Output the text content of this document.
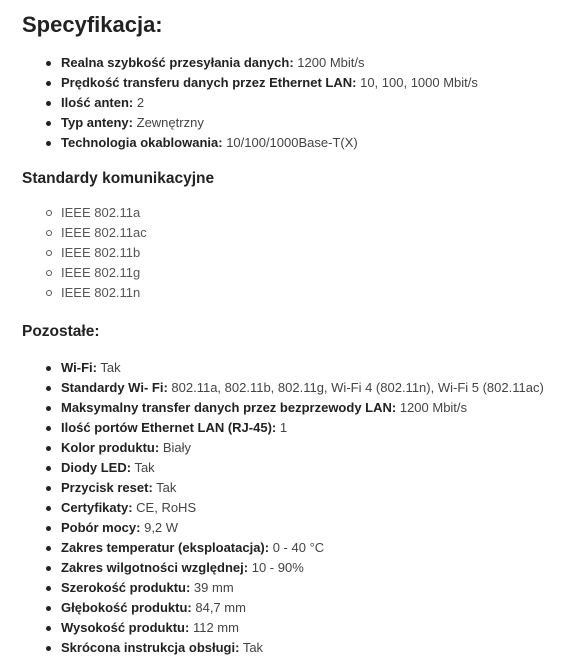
Specyfikacja:
Realna szybkość przesyłania danych: 1200 Mbit/s
Prędkość transferu danych przez Ethernet LAN: 10, 100, 1000 Mbit/s
Ilość anten: 2
Typ anteny: Zewnętrzny
Technologia okablowania: 10/100/1000Base-T(X)
Standardy komunikacyjne
IEEE 802.11a
IEEE 802.11ac
IEEE 802.11b
IEEE 802.11g
IEEE 802.11n
Pozostałe:
Wi-Fi: Tak
Standardy Wi- Fi: 802.11a, 802.11b, 802.11g, Wi-Fi 4 (802.11n), Wi-Fi 5 (802.11ac)
Maksymalny transfer danych przez bezprzewody LAN: 1200 Mbit/s
Ilość portów Ethernet LAN (RJ-45): 1
Kolor produktu: Biały
Diody LED: Tak
Przycisk reset: Tak
Certyfikaty: CE, RoHS
Pobór mocy: 9,2 W
Zakres temperatur (eksploatacja): 0 - 40 °C
Zakres wilgotności względnej: 10 - 90%
Szerokość produktu: 39 mm
Głębokość produktu: 84,7 mm
Wysokość produktu: 112 mm
Skrócona instrukcja obsługi: Tak
